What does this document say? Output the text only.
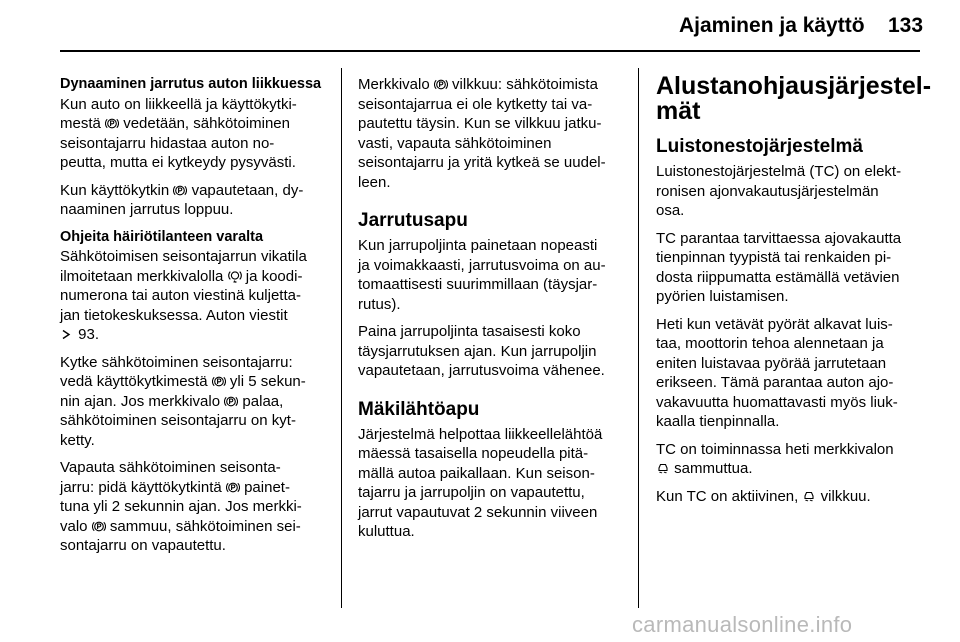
Ajaminen ja käyttö 133

Dynaaminen jarrutus auton liikkuessa
Kun auto on liikkeellä ja käyttökytki-
mestä vedetään, sähkötoiminen
seisontajarru hidastaa auton no-
peutta, mutta ei kytkeydy pysyvästi.

Kun käyttökytkin vapautetaan, dy-
naaminen jarrutus loppuu.

Ohjeita häiriötilanteen varalta
Sähkötoimisen seisontajarrun vikatila
ilmoitetaan merkkivalolla ja koodi-
numerona tai auton viestinä kuljetta-
jan tietokeskuksessa. Auton viestit
93.

Kytke sähkötoiminen seisontajarru:
vedä käyttökytkimestä yli 5 sekun-
nin ajan. Jos merkkivalo palaa,
sähkötoiminen seisontajarru on kyt-
ketty.

Vapauta sähkötoiminen seisonta-
jarru: pidä käyttökytkintä painet-
tuna yli 2 sekunnin ajan. Jos merkki-
valo sammuu, sähkötoiminen sei-
sontajarru on vapautettu.

Merkkivalo vilkkuu: sähkötoimista
seisontajarrua ei ole kytketty tai va-
pautettu täysin. Kun se vilkkuu jatku-
vasti, vapauta sähkötoiminen
seisontajarru ja yritä kytkeä se uudel-
leen.

Jarrutusapu

Kun jarrupoljinta painetaan nopeasti
ja voimakkaasti, jarrutusvoima on au-
tomaattisesti suurimmillaan (täysjar-
rutus).

Paina jarrupoljinta tasaisesti koko
täysjarrutuksen ajan. Kun jarrupoljin
vapautetaan, jarrutusvoima vähenee.

Mäkilähtöapu

Järjestelmä helpottaa liikkeellelähtöä
mäessä tasaisella nopeudella pitä-
mällä autoa paikallaan. Kun seison-
tajarru ja jarrupoljin on vapautettu,
jarrut vapautuvat 2 sekunnin viiveen
kuluttua.

Alustanohjausjärjestel-
mät
Luistonestojärjestelmä

Luistonestojärjestelmä (TC) on elekt-
ronisen ajonvakautusjärjestelmän
osa.

TC parantaa tarvittaessa ajovakautta
tienpinnan tyypistä tai renkaiden pi-
dosta riippumatta estämällä vetävien
pyörien luistamisen.

Heti kun vetävät pyörät alkavat luis-
taa, moottorin tehoa alennetaan ja
eniten luistavaa pyörää jarrutetaan
erikseen. Tämä parantaa auton ajo-
vakavuutta huomattavasti myös liuk-
kaalla tienpinnalla.

TC on toiminnassa heti merkkivalon
sammuttua.

Kun TC on aktiivinen, vilkkuu.

carmanualsonline.info
